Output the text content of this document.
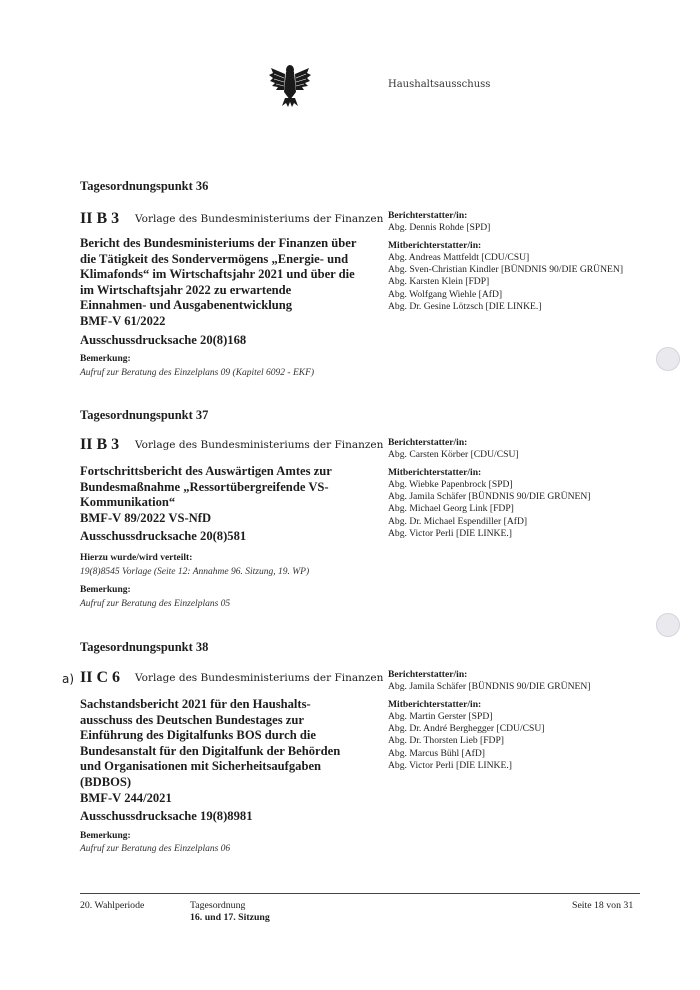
Haushaltsausschuss
Tagesordnungspunkt 36
II B 3 Vorlage des Bundesministeriums der Finanzen
Bericht des Bundesministeriums der Finanzen über
die Tätigkeit des Sondervermögens „Energie- und
Klimafonds“ im Wirtschaftsjahr 2021 und über die
im Wirtschaftsjahr 2022 zu erwartende
Einnahmen- und Ausgabenentwicklung
BMF-V 61/2022
Ausschussdrucksache 20(8)168
Bemerkung:
Aufruf zur Beratung des Einzelplans 09 (Kapitel 6092 - EKF)
Berichterstatter/in:
Abg. Dennis Rohde [SPD]
Mitberichterstatter/in:
Abg. Andreas Mattfeldt [CDU/CSU]
Abg. Sven-Christian Kindler [BÜNDNIS 90/DIE GRÜNEN]
Abg. Karsten Klein [FDP]
Abg. Wolfgang Wiehle [AfD]
Abg. Dr. Gesine Lötzsch [DIE LINKE.]
Tagesordnungspunkt 37
II B 3 Vorlage des Bundesministeriums der Finanzen
Fortschrittsbericht des Auswärtigen Amtes zur
Bundesmaßnahme „Ressortübergreifende VS-
Kommunikation“
BMF-V 89/2022 VS-NfD
Ausschussdrucksache 20(8)581
Hierzu wurde/wird verteilt:
19(8)8545 Vorlage (Seite 12: Annahme 96. Sitzung, 19. WP)
Bemerkung:
Aufruf zur Beratung des Einzelplans 05
Berichterstatter/in:
Abg. Carsten Körber [CDU/CSU]
Mitberichterstatter/in:
Abg. Wiebke Papenbrock [SPD]
Abg. Jamila Schäfer [BÜNDNIS 90/DIE GRÜNEN]
Abg. Michael Georg Link [FDP]
Abg. Dr. Michael Espendiller [AfD]
Abg. Victor Perli [DIE LINKE.]
Tagesordnungspunkt 38
a) II C 6 Vorlage des Bundesministeriums der Finanzen
Sachstandsbericht 2021 für den Haushalts-
ausschuss des Deutschen Bundestages zur
Einführung des Digitalfunks BOS durch die
Bundesanstalt für den Digitalfunk der Behörden
und Organisationen mit Sicherheitsaufgaben
(BDBOS)
BMF-V 244/2021
Ausschussdrucksache 19(8)8981
Bemerkung:
Aufruf zur Beratung des Einzelplans 06
Berichterstatter/in:
Abg. Jamila Schäfer [BÜNDNIS 90/DIE GRÜNEN]
Mitberichterstatter/in:
Abg. Martin Gerster [SPD]
Abg. Dr. André Berghegger [CDU/CSU]
Abg. Dr. Thorsten Lieb [FDP]
Abg. Marcus Bühl [AfD]
Abg. Victor Perli [DIE LINKE.]
20. Wahlperiode	Tagesordnung
16. und 17. Sitzung
Seite 18 von 31
